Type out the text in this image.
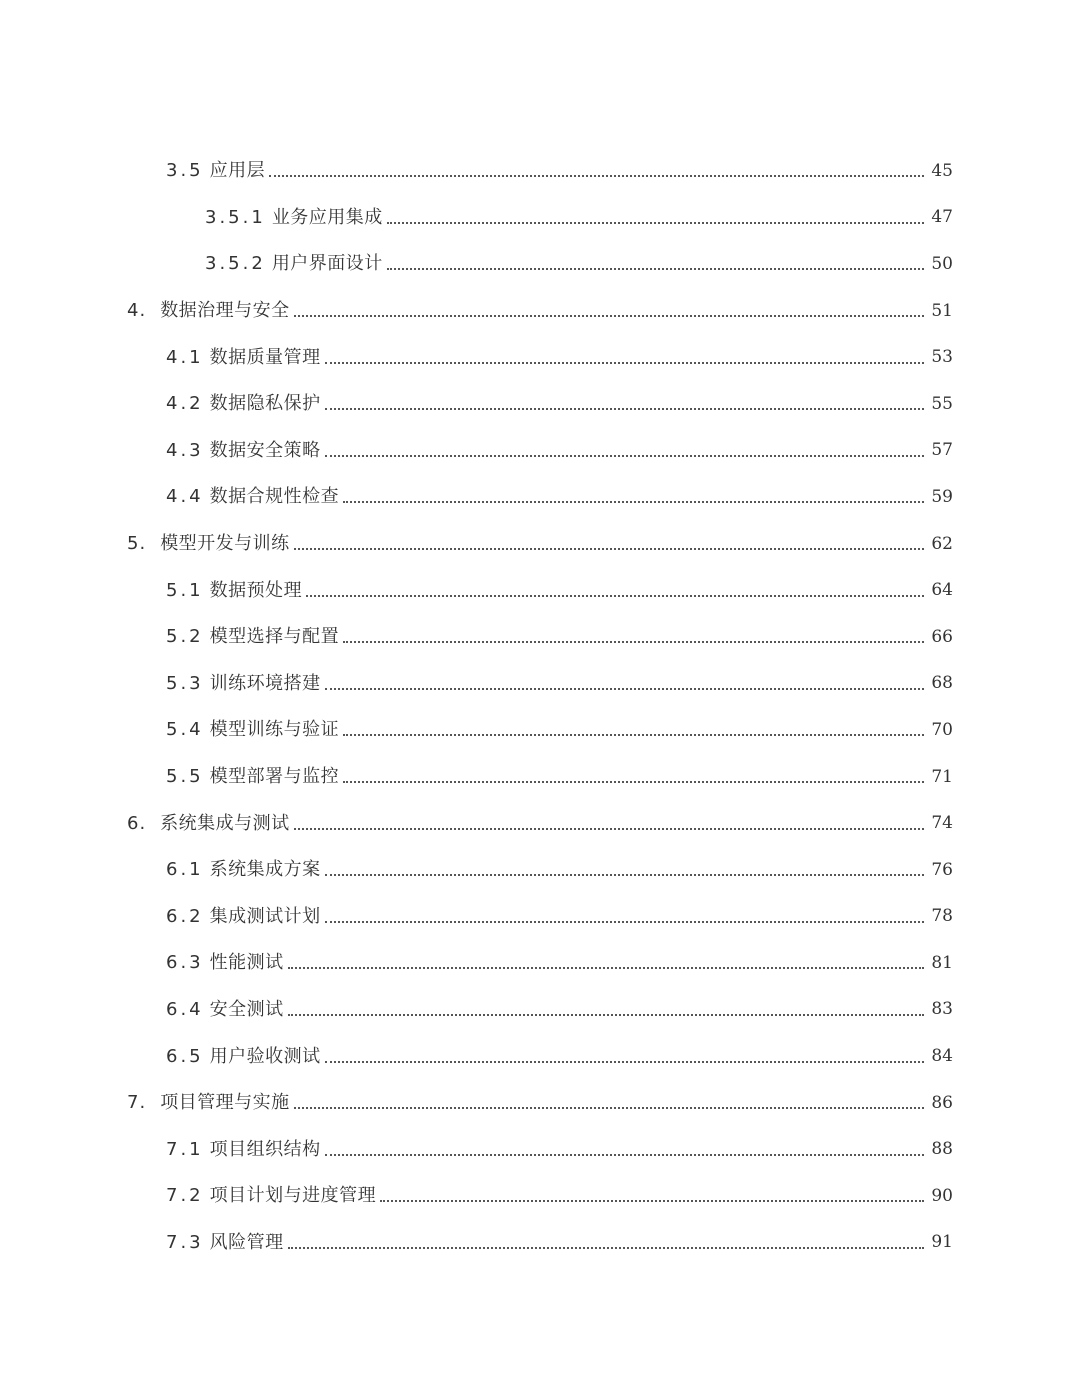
3.5 应用层	45
3.5.1 业务应用集成	47
3.5.2 用户界面设计	50
4. 数据治理与安全	51
4.1 数据质量管理	53
4.2 数据隐私保护	55
4.3 数据安全策略	57
4.4 数据合规性检查	59
5. 模型开发与训练	62
5.1 数据预处理	64
5.2 模型选择与配置	66
5.3 训练环境搭建	68
5.4 模型训练与验证	70
5.5 模型部署与监控	71
6. 系统集成与测试	74
6.1 系统集成方案	76
6.2 集成测试计划	78
6.3 性能测试	81
6.4 安全测试	83
6.5 用户验收测试	84
7. 项目管理与实施	86
7.1 项目组织结构	88
7.2 项目计划与进度管理	90
7.3 风险管理	91
